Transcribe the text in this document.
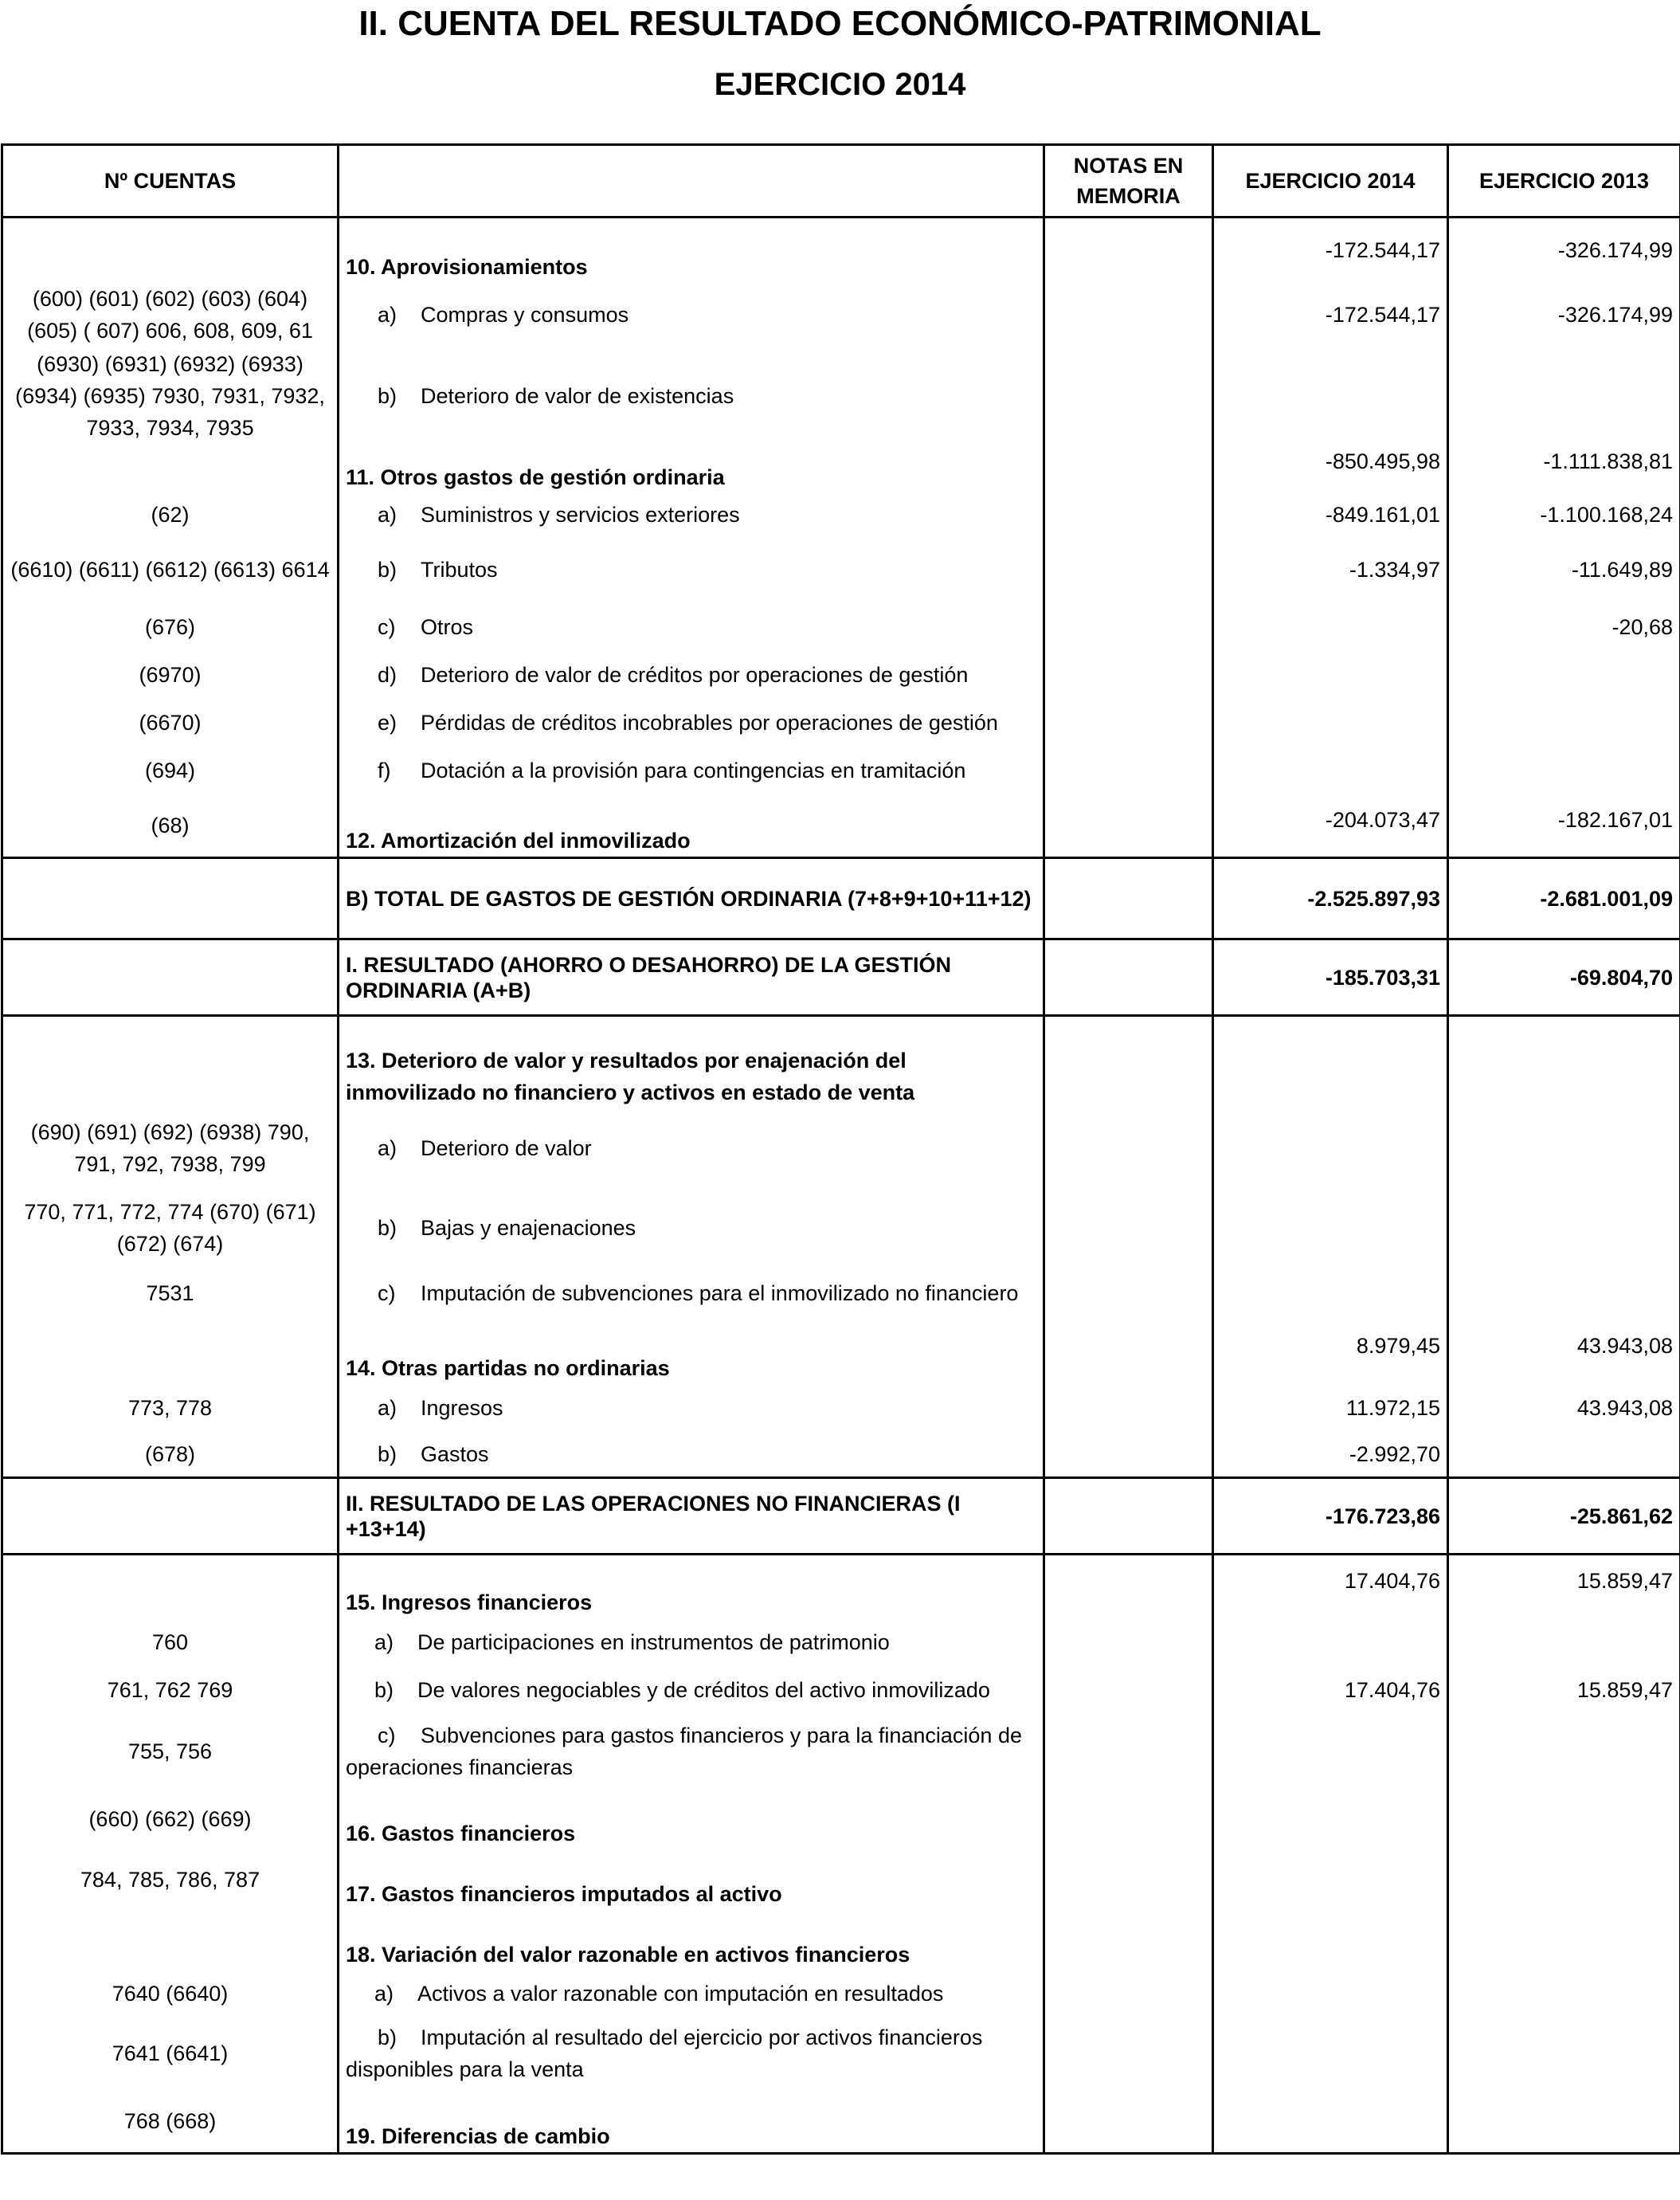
II. CUENTA DEL RESULTADO ECONÓMICO-PATRIMONIAL
EJERCICIO 2014
Nº CUENTAS		NOTAS EN MEMORIA	EJERCICIO 2014	EJERCICIO 2013
	10. Aprovisionamientos		-172.544,17	-326.174,99
(600) (601) (602) (603) (604) (605) ( 607) 606, 608, 609, 61	a) Compras y consumos		-172.544,17	-326.174,99
(6930) (6931) (6932) (6933) (6934) (6935) 7930, 7931, 7932, 7933, 7934, 7935	b) Deterioro de valor de existencias			
	11. Otros gastos de gestión ordinaria		-850.495,98	-1.111.838,81
(62)	a) Suministros y servicios exteriores		-849.161,01	-1.100.168,24
(6610) (6611) (6612) (6613) 6614	b) Tributos		-1.334,97	-11.649,89
(676)	c) Otros			-20,68
(6970)	d) Deterioro de valor de créditos por operaciones de gestión			
(6670)	e) Pérdidas de créditos incobrables por operaciones de gestión			
(694)	f) Dotación a la provisión para contingencias en tramitación			
(68)	12. Amortización del inmovilizado		-204.073,47	-182.167,01
	B) TOTAL DE GASTOS DE GESTIÓN ORDINARIA (7+8+9+10+11+12)		-2.525.897,93	-2.681.001,09
	I. RESULTADO (AHORRO O DESAHORRO) DE LA GESTIÓN ORDINARIA (A+B)		-185.703,31	-69.804,70
	13. Deterioro de valor y resultados por enajenación del inmovilizado no financiero y activos en estado de venta			
(690) (691) (692) (6938) 790, 791, 792, 7938, 799	a) Deterioro de valor			
770, 771, 772, 774 (670) (671) (672) (674)	b) Bajas y enajenaciones			
7531	c) Imputación de subvenciones para el inmovilizado no financiero			
	14. Otras partidas no ordinarias		8.979,45	43.943,08
773, 778	a) Ingresos		11.972,15	43.943,08
(678)	b) Gastos		-2.992,70	
	II. RESULTADO DE LAS OPERACIONES NO FINANCIERAS (I +13+14)		-176.723,86	-25.861,62
	15. Ingresos financieros		17.404,76	15.859,47
760	a) De participaciones en instrumentos de patrimonio			
761, 762 769	b) De valores negociables y de créditos del activo inmovilizado		17.404,76	15.859,47
755, 756	c) Subvenciones para gastos financieros y para la financiación de operaciones financieras			
(660) (662) (669)	16. Gastos financieros			
784, 785, 786, 787	17. Gastos financieros imputados al activo			
	18. Variación del valor razonable en activos financieros			
7640 (6640)	a) Activos a valor razonable con imputación en resultados			
7641 (6641)	b) Imputación al resultado del ejercicio por activos financieros disponibles para la venta			
768 (668)	19. Diferencias de cambio			
